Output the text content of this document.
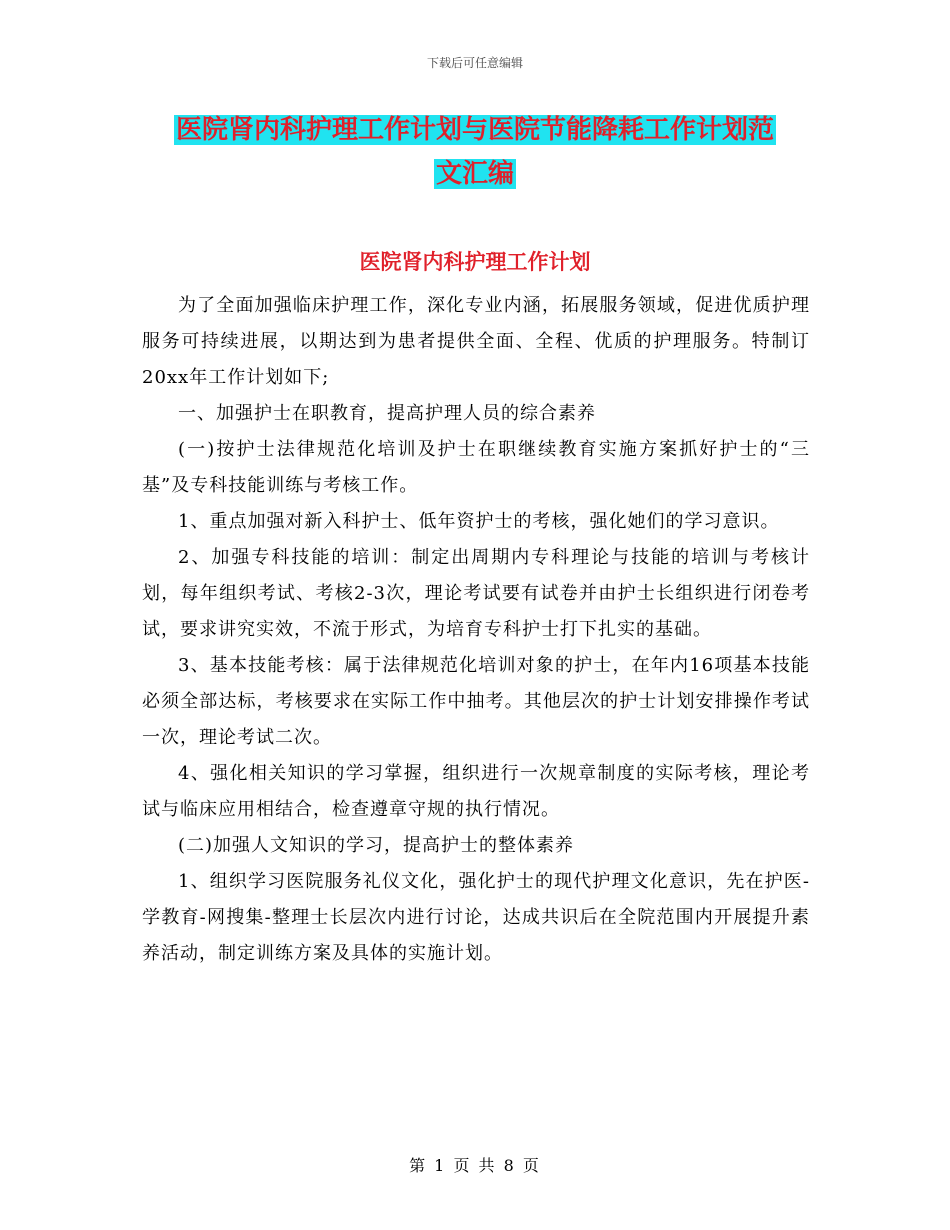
下载后可任意编辑
医院肾内科护理工作计划与医院节能降耗工作计划范
文汇编
医院肾内科护理工作计划

为了全面加强临床护理工作，深化专业内涵，拓展服务领域，促进优质护理服务可持续进展，以期达到为患者提供全面、全程、优质的护理服务。特制订20xx年工作计划如下;

一、加强护士在职教育，提高护理人员的综合素养

(一)按护士法律规范化培训及护士在职继续教育实施方案抓好护士的“三基”及专科技能训练与考核工作。

1、重点加强对新入科护士、低年资护士的考核，强化她们的学习意识。

2、加强专科技能的培训：制定出周期内专科理论与技能的培训与考核计划，每年组织考试、考核2-3次，理论考试要有试卷并由护士长组织进行闭卷考试，要求讲究实效，不流于形式，为培育专科护士打下扎实的基础。

3、基本技能考核：属于法律规范化培训对象的护士，在年内16项基本技能必须全部达标，考核要求在实际工作中抽考。其他层次的护士计划安排操作考试一次，理论考试二次。

4、强化相关知识的学习掌握，组织进行一次规章制度的实际考核，理论考试与临床应用相结合，检查遵章守规的执行情况。

(二)加强人文知识的学习，提高护士的整体素养

1、组织学习医院服务礼仪文化，强化护士的现代护理文化意识，先在护医-学教育-网搜集-整理士长层次内进行讨论，达成共识后在全院范围内开展提升素养活动，制定训练方案及具体的实施计划。

第 1 页 共 8 页
